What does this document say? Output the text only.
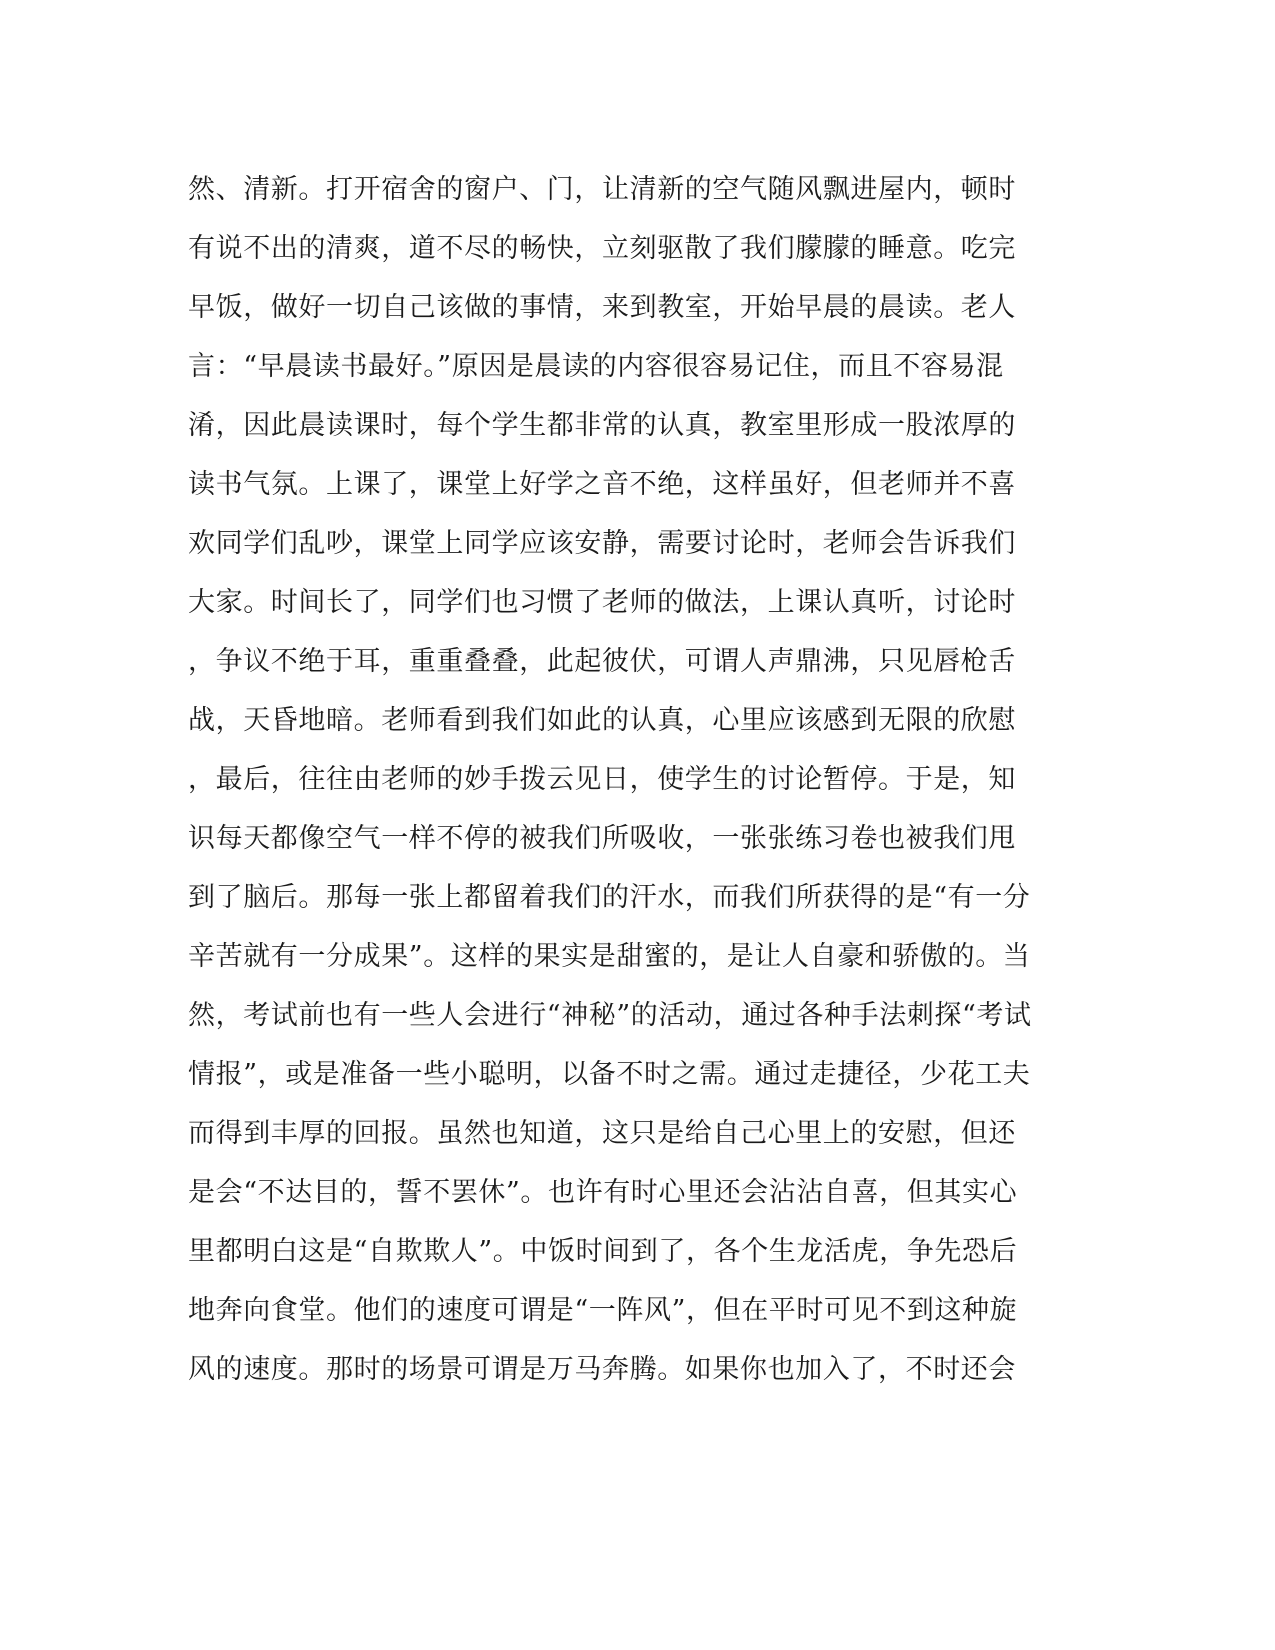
然、清新。打开宿舍的窗户、门，让清新的空气随风飘进屋内，顿时
有说不出的清爽，道不尽的畅快，立刻驱散了我们朦朦的睡意。吃完
早饭，做好一切自己该做的事情，来到教室，开始早晨的晨读。老人
言：“早晨读书最好。”原因是晨读的内容很容易记住，而且不容易混
淆，因此晨读课时，每个学生都非常的认真，教室里形成一股浓厚的
读书气氛。上课了，课堂上好学之音不绝，这样虽好，但老师并不喜
欢同学们乱吵，课堂上同学应该安静，需要讨论时，老师会告诉我们
大家。时间长了，同学们也习惯了老师的做法，上课认真听，讨论时
，争议不绝于耳，重重叠叠，此起彼伏，可谓人声鼎沸，只见唇枪舌
战，天昏地暗。老师看到我们如此的认真，心里应该感到无限的欣慰
，最后，往往由老师的妙手拨云见日，使学生的讨论暂停。于是，知
识每天都像空气一样不停的被我们所吸收，一张张练习卷也被我们甩
到了脑后。那每一张上都留着我们的汗水，而我们所获得的是“有一分
辛苦就有一分成果”。这样的果实是甜蜜的，是让人自豪和骄傲的。当
然，考试前也有一些人会进行“神秘”的活动，通过各种手法刺探“考试
情报”，或是准备一些小聪明，以备不时之需。通过走捷径，少花工夫
而得到丰厚的回报。虽然也知道，这只是给自己心里上的安慰，但还
是会“不达目的，誓不罢休”。也许有时心里还会沾沾自喜，但其实心
里都明白这是“自欺欺人”。中饭时间到了，各个生龙活虎，争先恐后
地奔向食堂。他们的速度可谓是“一阵风”，但在平时可见不到这种旋
风的速度。那时的场景可谓是万马奔腾。如果你也加入了，不时还会
